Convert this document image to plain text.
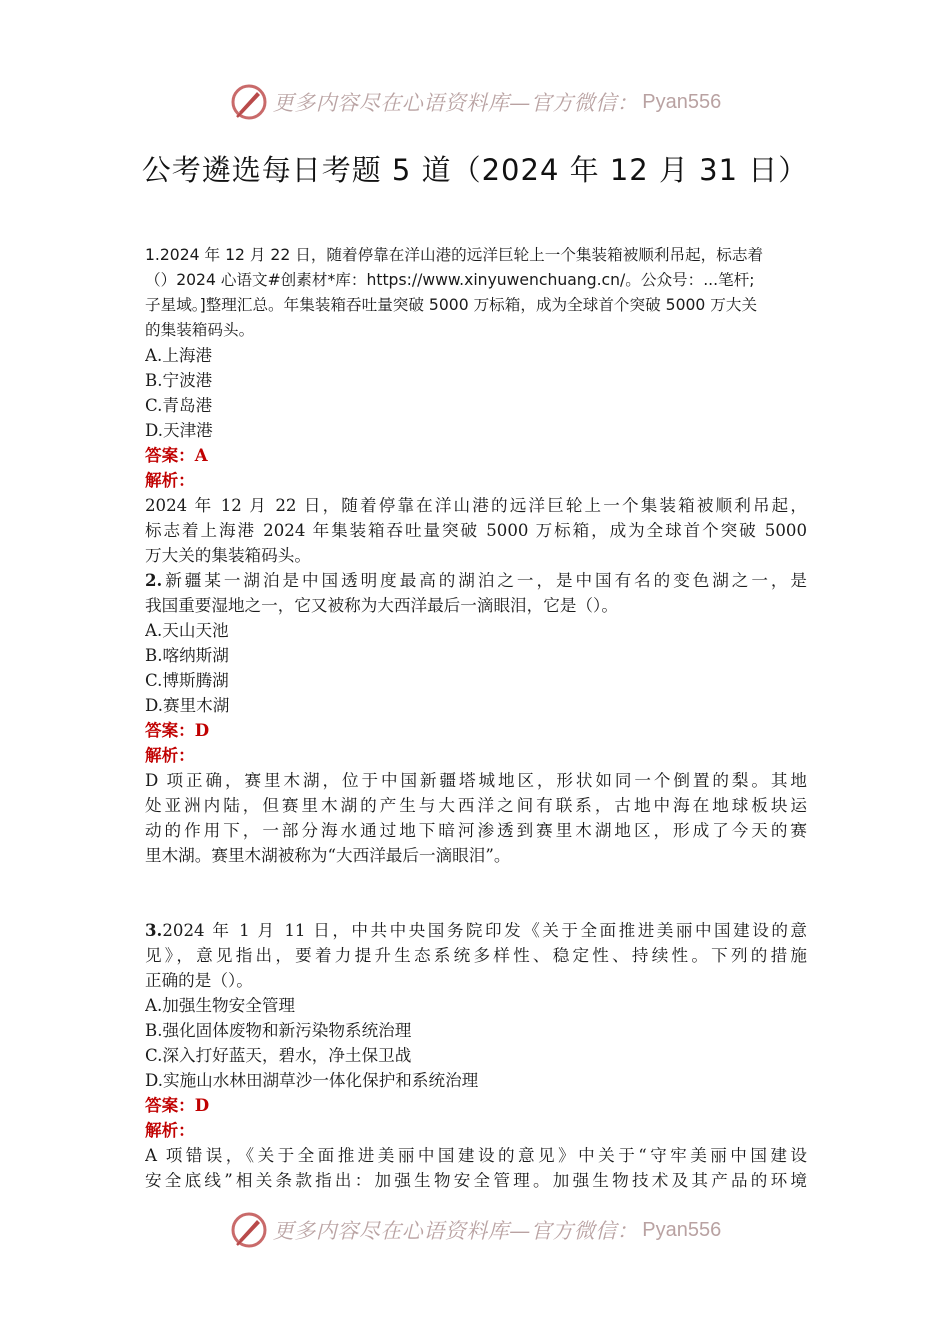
更多内容尽在心语资料库—官方微信： Pyan556
公考遴选每日考题 5 道（2024 年 12 月 31 日）
1.2024 年 12 月 22 日，随着停靠在洋山港的远洋巨轮上一个集装箱被顺利吊起，标志着
（）2024 心语文#创素材*库：https://www.xinyuwenchuang.cn/。公众号：...笔杆;
子星域。]整理汇总。年集装箱吞吐量突破 5000 万标箱，成为全球首个突破 5000 万大关
的集装箱码头。
A.上海港
B.宁波港
C.青岛港
D.天津港
答案：A
解析：
2024 年 12 月 22 日，随着停靠在洋山港的远洋巨轮上一个集装箱被顺利吊起，
标志着上海港 2024 年集装箱吞吐量突破 5000 万标箱，成为全球首个突破 5000
万大关的集装箱码头。
2.新疆某一湖泊是中国透明度最高的湖泊之一，是中国有名的变色湖之一，是
我国重要湿地之一，它又被称为大西洋最后一滴眼泪，它是（）。
A.天山天池
B.喀纳斯湖
C.博斯腾湖
D.赛里木湖
答案：D
解析：
D 项正确，赛里木湖，位于中国新疆塔城地区，形状如同一个倒置的梨。其地
处亚洲内陆，但赛里木湖的产生与大西洋之间有联系，古地中海在地球板块运
动的作用下，一部分海水通过地下暗河渗透到赛里木湖地区，形成了今天的赛
里木湖。赛里木湖被称为“大西洋最后一滴眼泪”。
3.2024 年 1 月 11 日，中共中央国务院印发《关于全面推进美丽中国建设的意
见》，意见指出，要着力提升生态系统多样性、稳定性、持续性。下列的措施
正确的是（）。
A.加强生物安全管理
B.强化固体废物和新污染物系统治理
C.深入打好蓝天，碧水，净土保卫战
D.实施山水林田湖草沙一体化保护和系统治理
答案：D
解析：
A 项错误，《关于全面推进美丽中国建设的意见》中关于“守牢美丽中国建设
安全底线”相关条款指出：加强生物安全管理。加强生物技术及其产品的环境
更多内容尽在心语资料库—官方微信： Pyan556
